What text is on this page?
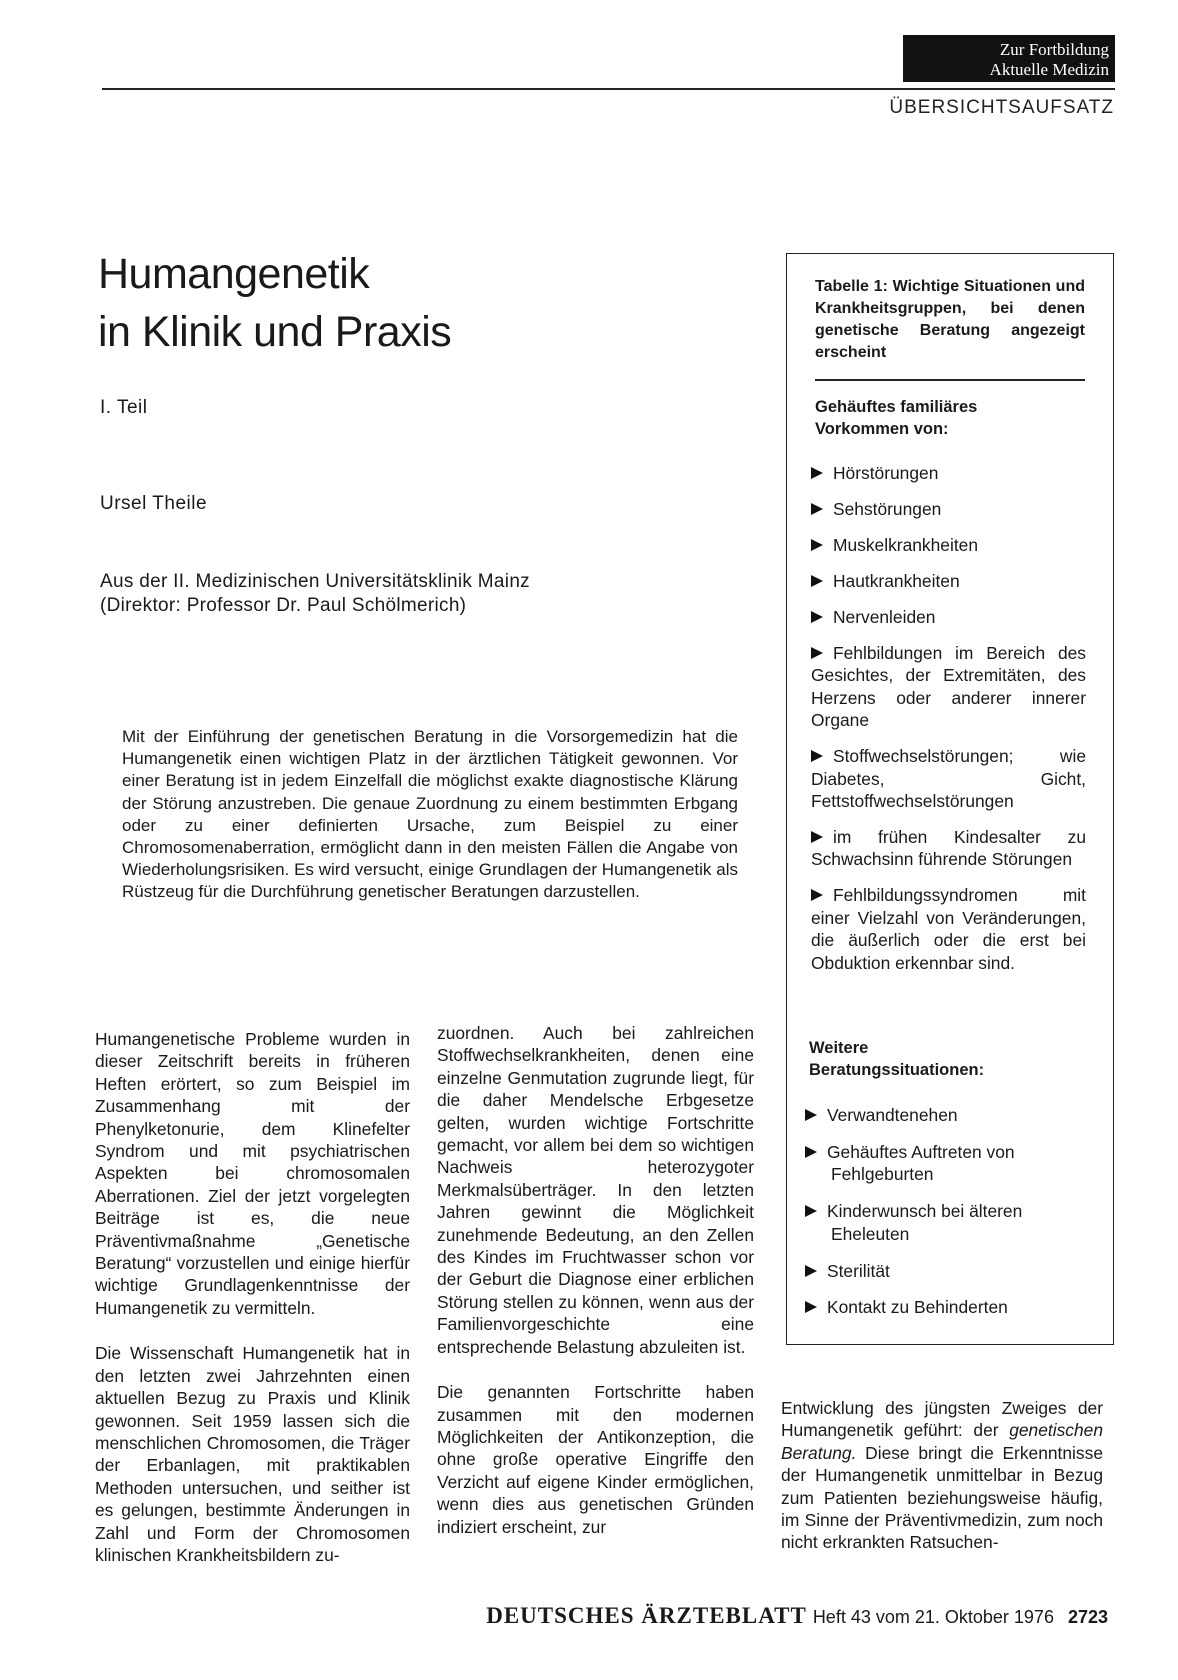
Zur Fortbildung
Aktuelle Medizin
ÜBERSICHTSAUFSATZ
Humangenetik
in Klinik und Praxis
I. Teil
Ursel Theile
Aus der II. Medizinischen Universitätsklinik Mainz
(Direktor: Professor Dr. Paul Schölmerich)

Mit der Einführung der genetischen Beratung in die Vorsorgemedizin hat die Humangenetik einen wichtigen Platz in der ärztlichen Tätigkeit gewonnen. Vor einer Beratung ist in jedem Einzelfall die möglichst exakte diagnostische Klärung der Störung anzustreben. Die genaue Zuordnung zu einem bestimmten Erbgang oder zu einer definierten Ursache, zum Beispiel zu einer Chromosomenaberration, ermöglicht dann in den meisten Fällen die Angabe von Wiederholungsrisiken. Es wird versucht, einige Grundlagen der Humangenetik als Rüstzeug für die Durchführung genetischer Beratungen darzustellen.

Humangenetische Probleme wurden in dieser Zeitschrift bereits in früheren Heften erörtert, so zum Beispiel im Zusammenhang mit der Phenylketonurie, dem Klinefelter Syndrom und mit psychiatrischen Aspekten bei chromosomalen Aberrationen. Ziel der jetzt vorgelegten Beiträge ist es, die neue Präventivmaßnahme „Genetische Beratung“ vorzustellen und einige hierfür wichtige Grundlagenkenntnisse der Humangenetik zu vermitteln.

Die Wissenschaft Humangenetik hat in den letzten zwei Jahrzehnten einen aktuellen Bezug zu Praxis und Klinik gewonnen. Seit 1959 lassen sich die menschlichen Chromosomen, die Träger der Erbanlagen, mit praktikablen Methoden untersuchen, und seither ist es gelungen, bestimmte Änderungen in Zahl und Form der Chromosomen klinischen Krankheitsbildern zu-

zuordnen. Auch bei zahlreichen Stoffwechselkrankheiten, denen eine einzelne Genmutation zugrunde liegt, für die daher Mendelsche Erbgesetze gelten, wurden wichtige Fortschritte gemacht, vor allem bei dem so wichtigen Nachweis heterozygoter Merkmalsüberträger. In den letzten Jahren gewinnt die Möglichkeit zunehmende Bedeutung, an den Zellen des Kindes im Fruchtwasser schon vor der Geburt die Diagnose einer erblichen Störung stellen zu können, wenn aus der Familienvorgeschichte eine entsprechende Belastung abzuleiten ist.

Die genannten Fortschritte haben zusammen mit den modernen Möglichkeiten der Antikonzeption, die ohne große operative Eingriffe den Verzicht auf eigene Kinder ermöglichen, wenn dies aus genetischen Gründen indiziert erscheint, zur

Entwicklung des jüngsten Zweiges der Humangenetik geführt: der genetischen Beratung. Diese bringt die Erkenntnisse der Humangenetik unmittelbar in Bezug zum Patienten beziehungsweise häufig, im Sinne der Präventivmedizin, zum noch nicht erkrankten Ratsuchen-

Tabelle 1: Wichtige Situationen und Krankheitsgruppen, bei denen genetische Beratung angezeigt erscheint
Gehäuftes familiäres
Vorkommen von:
Hörstörungen
Sehstörungen
Muskelkrankheiten
Hautkrankheiten
Nervenleiden
Fehlbildungen im Bereich des Gesichtes, der Extremitäten, des Herzens oder anderer innerer Organe
Stoffwechselstörungen; wie Diabetes, Gicht, Fettstoffwechselstörungen
im frühen Kindesalter zu Schwachsinn führende Störungen
Fehlbildungssyndromen mit einer Vielzahl von Veränderungen, die äußerlich oder die erst bei Obduktion erkennbar sind.
Weitere
Beratungssituationen:
Verwandtenehen
Gehäuftes Auftreten von Fehlgeburten
Kinderwunsch bei älteren Eheleuten
Sterilität
Kontakt zu Behinderten
DEUTSCHES ÄRZTEBLATT Heft 43 vom 21. Oktober 1976 2723
